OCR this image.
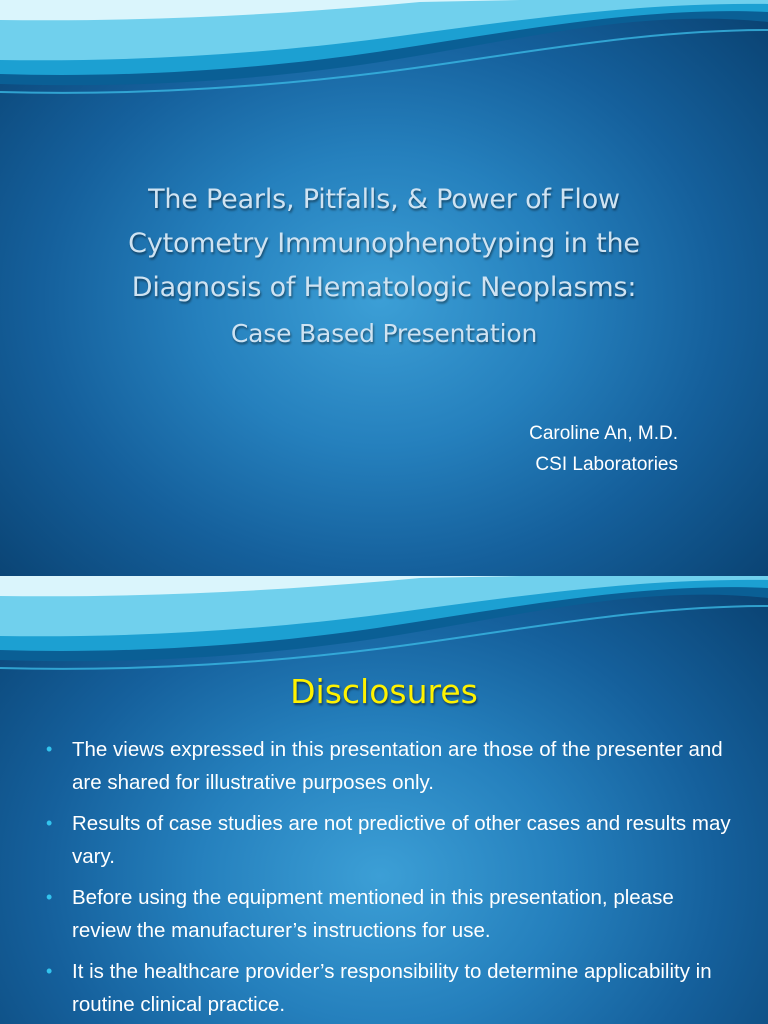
The Pearls, Pitfalls, & Power of Flow
Cytometry Immunophenotyping in the
Diagnosis of Hematologic Neoplasms:
Case Based Presentation
Caroline An, M.D.
CSI Laboratories
Disclosures
• The views expressed in this presentation are those of the presenter and are shared for illustrative purposes only.
• Results of case studies are not predictive of other cases and results may vary.
• Before using the equipment mentioned in this presentation, please review the manufacturer’s instructions for use.
• It is the healthcare provider’s responsibility to determine applicability in routine clinical practice.
